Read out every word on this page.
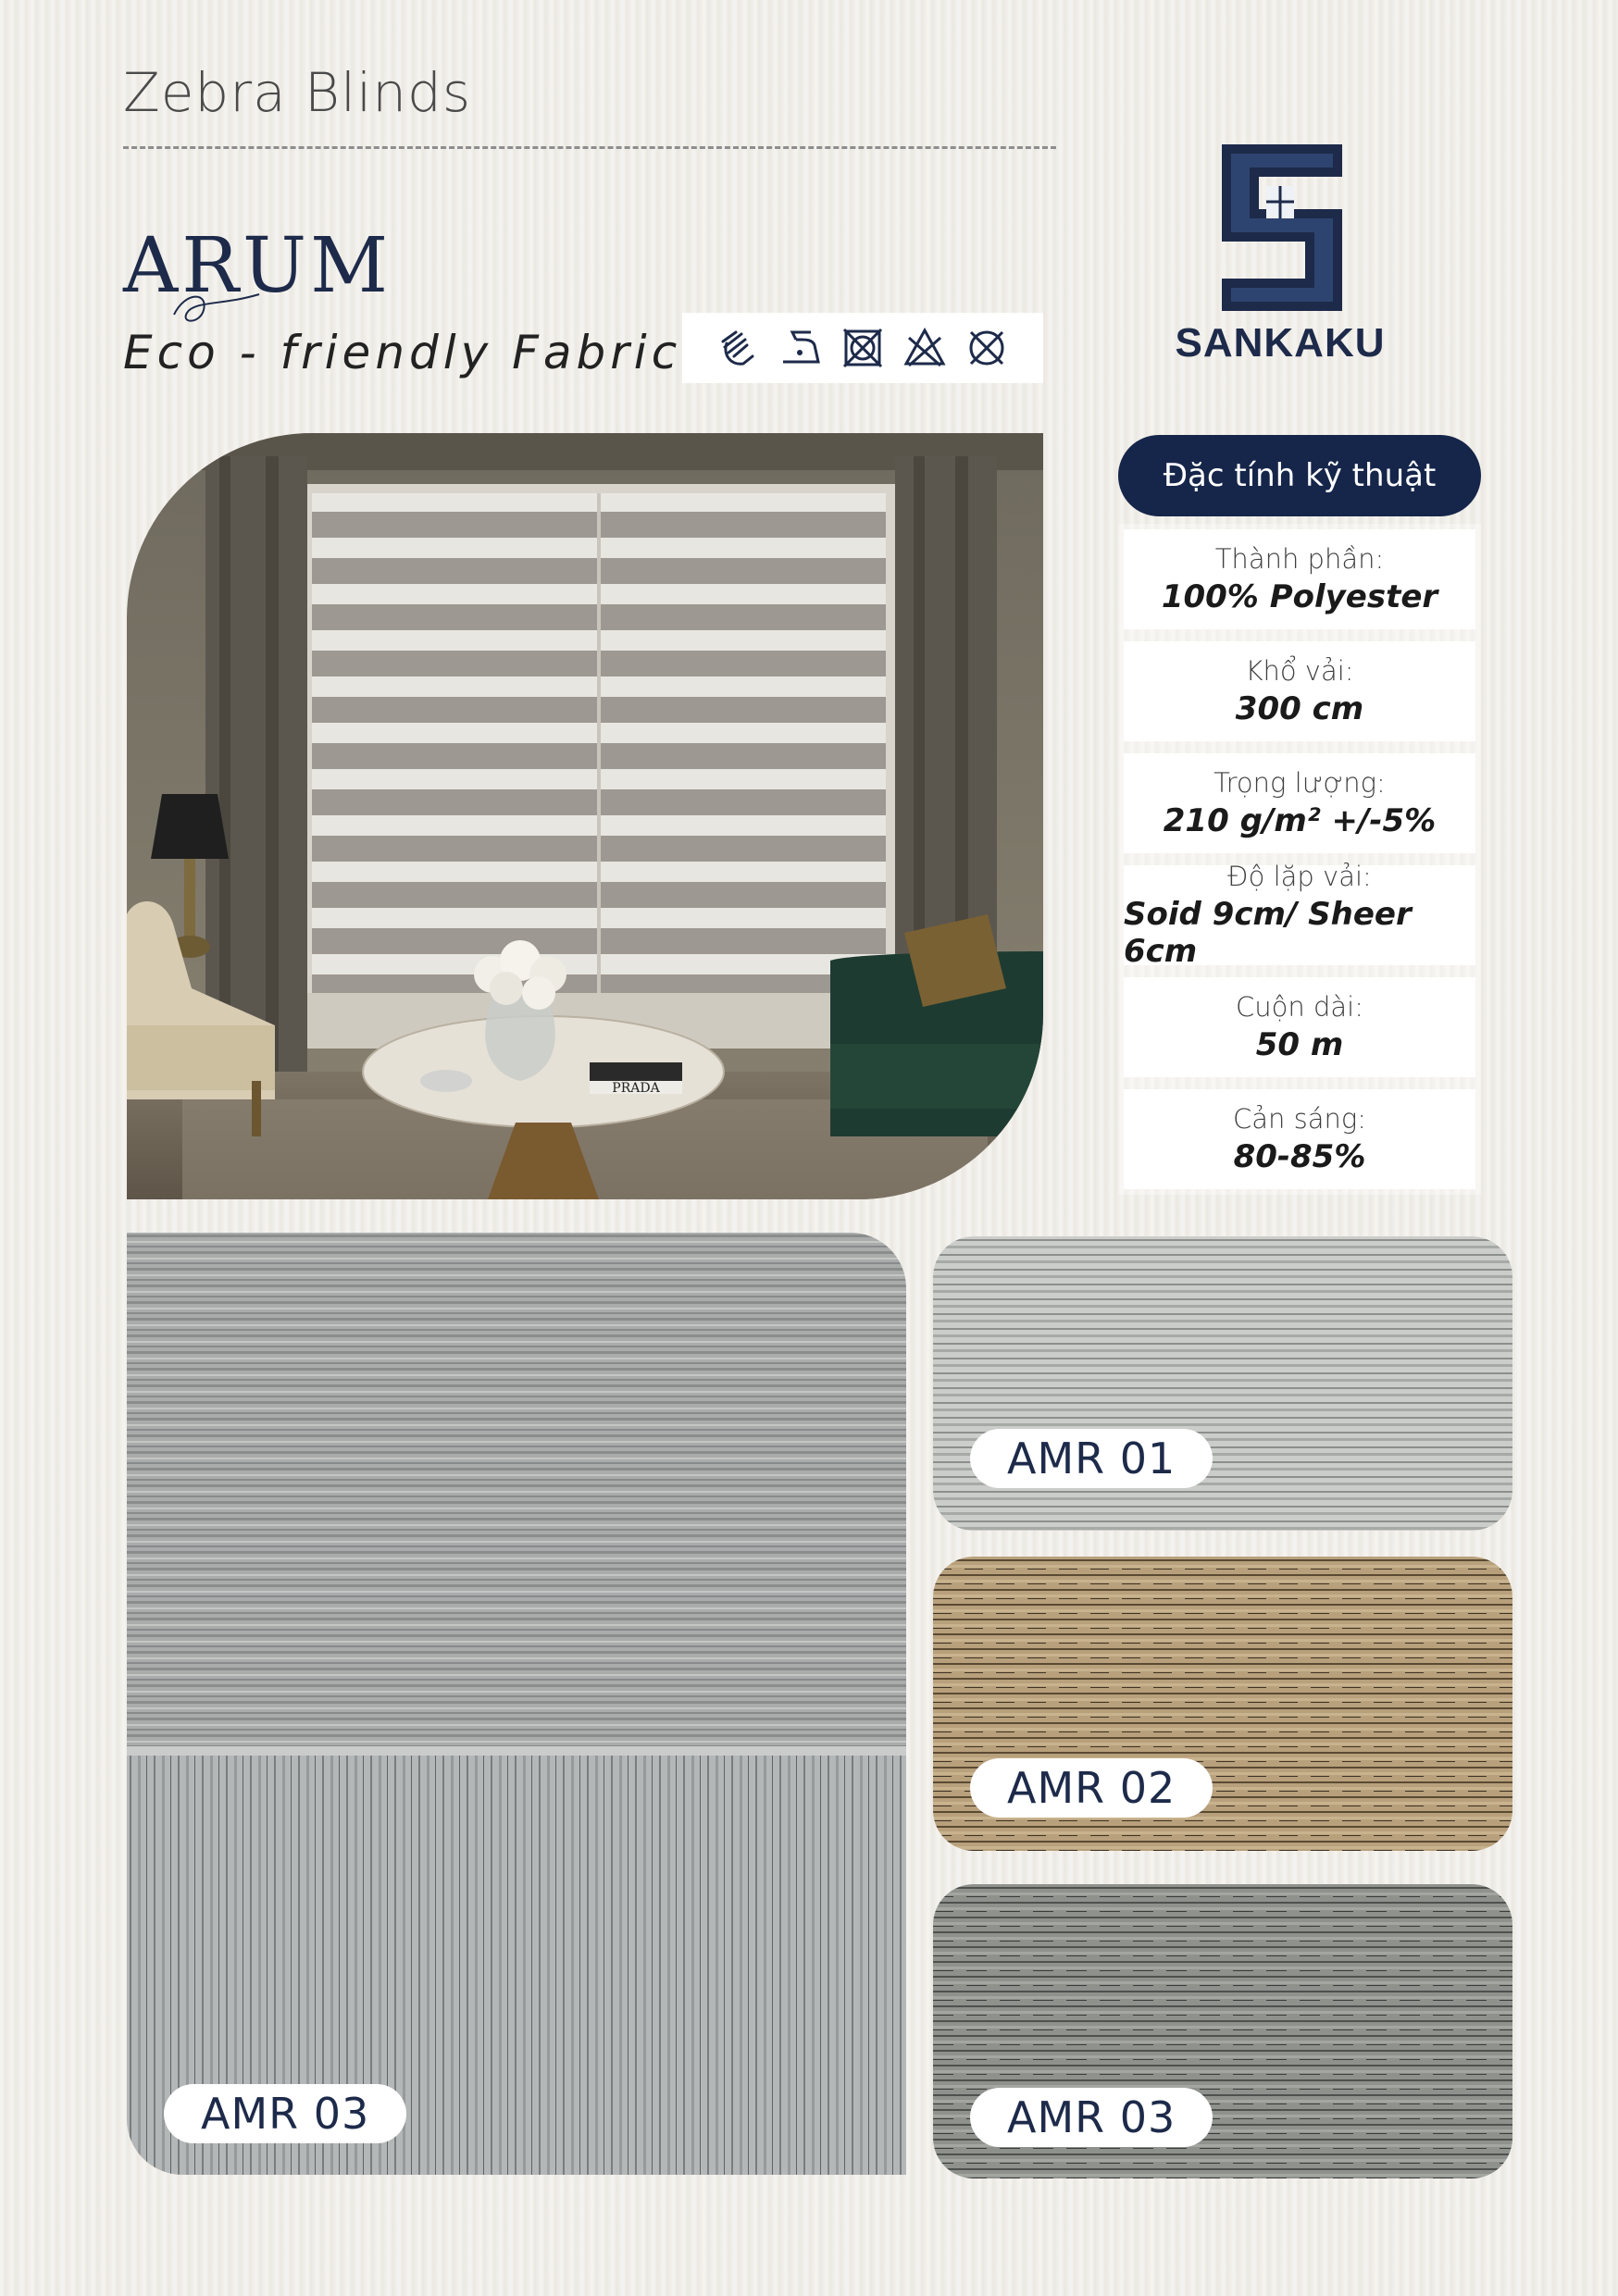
Zebra Blinds
ARUM
Eco - friendly Fabric	SANKAKU
PRADA
Đặc tính kỹ thuật
Thành phần:
100% Polyester
Khổ vải:
300 cm
Trọng lượng:
210 g/m² +/-5%
Độ lặp vải:
Soid 9cm/ Sheer 6cm
Cuộn dài:
50 m
Cản sáng:
80-85%
AMR 03
AMR 01
AMR 02
AMR 03
